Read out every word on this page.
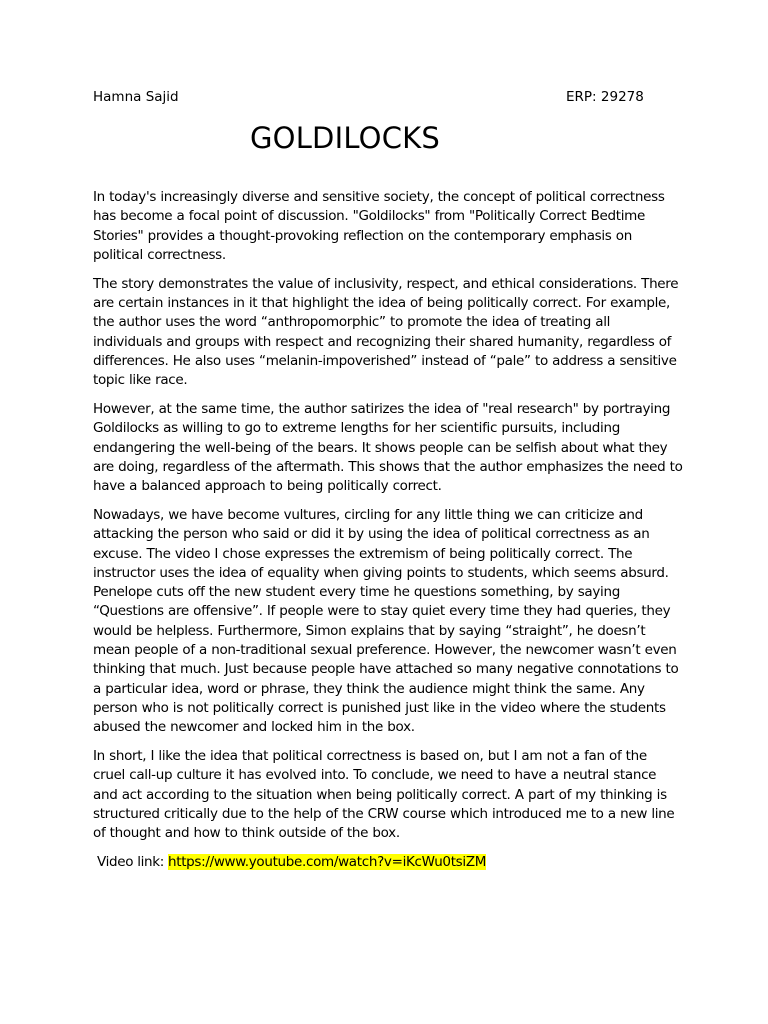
Hamna Sajid	ERP: 29278
GOLDILOCKS

In today's increasingly diverse and sensitive society, the concept of political correctness has become a focal point of discussion. "Goldilocks" from "Politically Correct Bedtime Stories" provides a thought-provoking reflection on the contemporary emphasis on political correctness.

The story demonstrates the value of inclusivity, respect, and ethical considerations. There are certain instances in it that highlight the idea of being politically correct. For example, the author uses the word “anthropomorphic” to promote the idea of treating all individuals and groups with respect and recognizing their shared humanity, regardless of differences. He also uses “melanin-impoverished” instead of “pale” to address a sensitive topic like race.

However, at the same time, the author satirizes the idea of "real research" by portraying Goldilocks as willing to go to extreme lengths for her scientific pursuits, including endangering the well-being of the bears. It shows people can be selfish about what they are doing, regardless of the aftermath. This shows that the author emphasizes the need to have a balanced approach to being politically correct.

Nowadays, we have become vultures, circling for any little thing we can criticize and attacking the person who said or did it by using the idea of political correctness as an excuse. The video I chose expresses the extremism of being politically correct. The instructor uses the idea of equality when giving points to students, which seems absurd. Penelope cuts off the new student every time he questions something, by saying “Questions are offensive”. If people were to stay quiet every time they had queries, they would be helpless. Furthermore, Simon explains that by saying “straight”, he doesn’t mean people of a non-traditional sexual preference. However, the newcomer wasn’t even thinking that much. Just because people have attached so many negative connotations to a particular idea, word or phrase, they think the audience might think the same. Any person who is not politically correct is punished just like in the video where the students abused the newcomer and locked him in the box.

In short, I like the idea that political correctness is based on, but I am not a fan of the cruel call-up culture it has evolved into. To conclude, we need to have a neutral stance and act according to the situation when being politically correct. A part of my thinking is structured critically due to the help of the CRW course which introduced me to a new line of thought and how to think outside of the box.

Video link: https://www.youtube.com/watch?v=iKcWu0tsiZM
